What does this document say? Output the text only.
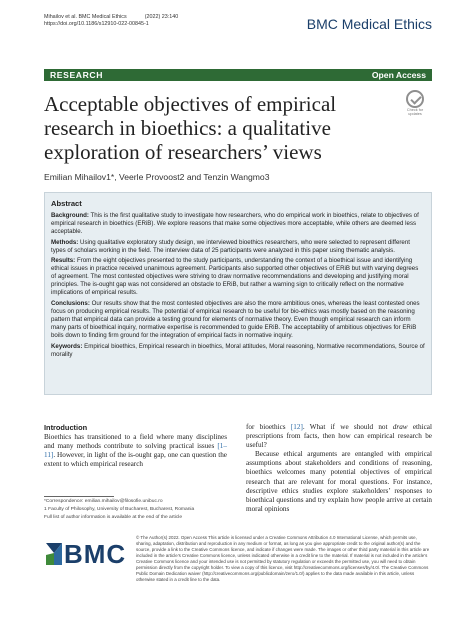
Mihailov et al. BMC Medical Ethics	(2022) 23:140
https://doi.org/10.1186/s12910-022-00845-1	BMC Medical Ethics
RESEARCH	Open Access
Check for
updates
Acceptable objectives of empirical research in bioethics: a qualitative exploration of researchers’ views
Emilian Mihailov1*, Veerle Provoost2 and Tenzin Wangmo3
Abstract

Background: This is the first qualitative study to investigate how researchers, who do empirical work in bioethics, relate to objectives of empirical research in bioethics (ERiB). We explore reasons that make some objectives more acceptable, while others are deemed less acceptable.

Methods: Using qualitative exploratory study design, we interviewed bioethics researchers, who were selected to represent different types of scholars working in the field. The interview data of 25 participants were analyzed in this paper using thematic analysis.

Results: From the eight objectives presented to the study participants, understanding the context of a bioethical issue and identifying ethical issues in practice received unanimous agreement. Participants also supported other objectives of ERiB but with varying degrees of agreement. The most contested objectives were striving to draw normative recommendations and developing and justifying moral principles. The is-ought gap was not considered an obstacle to ERiB, but rather a warning sign to critically reflect on the normative implications of empirical results.

Conclusions: Our results show that the most contested objectives are also the more ambitious ones, whereas the least contested ones focus on producing empirical results. The potential of empirical research to be useful for bio-ethics was mostly based on the reasoning pattern that empirical data can provide a testing ground for elements of normative theory. Even though empirical research can inform many parts of bioethical inquiry, normative expertise is recommended to guide ERiB. The acceptability of ambitious objectives for ERiB boils down to finding firm ground for the integration of empirical facts in normative inquiry.

Keywords: Empirical bioethics, Empirical research in bioethics, Moral attitudes, Moral reasoning, Normative recommendations, Source of morality

Introduction

Bioethics has transitioned to a field where many disciplines and many methods contribute to solving practical issues [1–11]. However, in light of the is-ought gap, one can question the extent to which empirical research

for bioethics [12]. What if we should not draw ethical prescriptions from facts, then how can empirical research be useful?

Because ethical arguments are entangled with empirical assumptions about stakeholders and conditions of reasoning, bioethics welcomes many potential objectives of empirical research that are relevant for moral questions. For instance, descriptive ethics studies explore stakeholders’ responses to bioethical questions and try explain how people arrive at certain moral opinions

*Correspondence: emilian.mihailov@filosofie.unibuc.ro
1 Faculty of Philosophy, University of Bucharest, Bucharest, Romania
Full list of author information is available at the end of the article
BMC
© The Author(s) 2022. Open Access This article is licensed under a Creative Commons Attribution 4.0 International License, which permits use, sharing, adaptation, distribution and reproduction in any medium or format, as long as you give appropriate credit to the original author(s) and the source, provide a link to the Creative Commons licence, and indicate if changes were made. The images or other third party material in this article are included in the article’s Creative Commons licence, unless indicated otherwise in a credit line to the material. If material is not included in the article’s Creative Commons licence and your intended use is not permitted by statutory regulation or exceeds the permitted use, you will need to obtain permission directly from the copyright holder. To view a copy of this licence, visit http://creativecommons.org/licenses/by/4.0/. The Creative Commons Public Domain Dedication waiver (http://creativecommons.org/publicdomain/zero/1.0/) applies to the data made available in this article, unless otherwise stated in a credit line to the data.
